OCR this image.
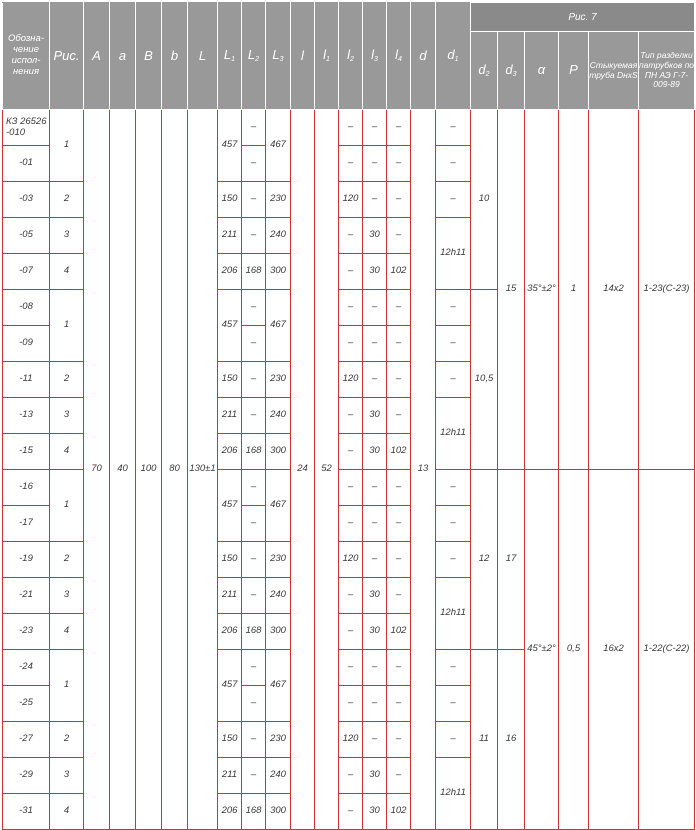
Обозна-чение испол-нения	Рис.	A	a	B	b	L	$L_1$	$L_2$	$L_3$	l	$l_1$	$l_2$	$l_3$	$l_4$	d	$d_1$	Рис. 7					
																	$d_2$	$d_3$	α	P	Стыкуемая труба DнxS	Тип разделки патрубков по ПН АЭ Г-7-009-89
КЗ 26526 -010	1	70	40	100	80	130±1	457	–	467	24	52	–	–	–	13	–	10	15	35°±2°	1	14x2	1-23(С-23)
-01								–				–	–	–		–						
-03	2						150	–	230			120	–	–		–						
-05	3						211	–	240			–	30	–		12h11						
-07	4						206	168	300			–	30	102								
-08	1						457	–	467			–	–	–		–	10,5					
-09								–				–	–	–		–						
-11	2						150	–	230			120	–	–		–						
-13	3						211	–	240			–	30	–		12h11						
-15	4						206	168	300			–	30	102								
-16	1						457	–	467			–	–	–		–	12	17	45°±2°	0,5	16x2	1-22(С-22)
-17								–				–	–	–		–						
-19	2						150	–	230			120	–	–		–						
-21	3						211	–	240			–	30	–		12h11						
-23	4						206	168	300			–	30	102								
-24	1						457	–	467			–	–	–		–	11	16				
-25								–				–	–	–		–						
-27	2						150	–	230			120	–	–		–						
-29	3						211	–	240			–	30	–		12h11						
-31	4						206	168	300			–	30	102								
